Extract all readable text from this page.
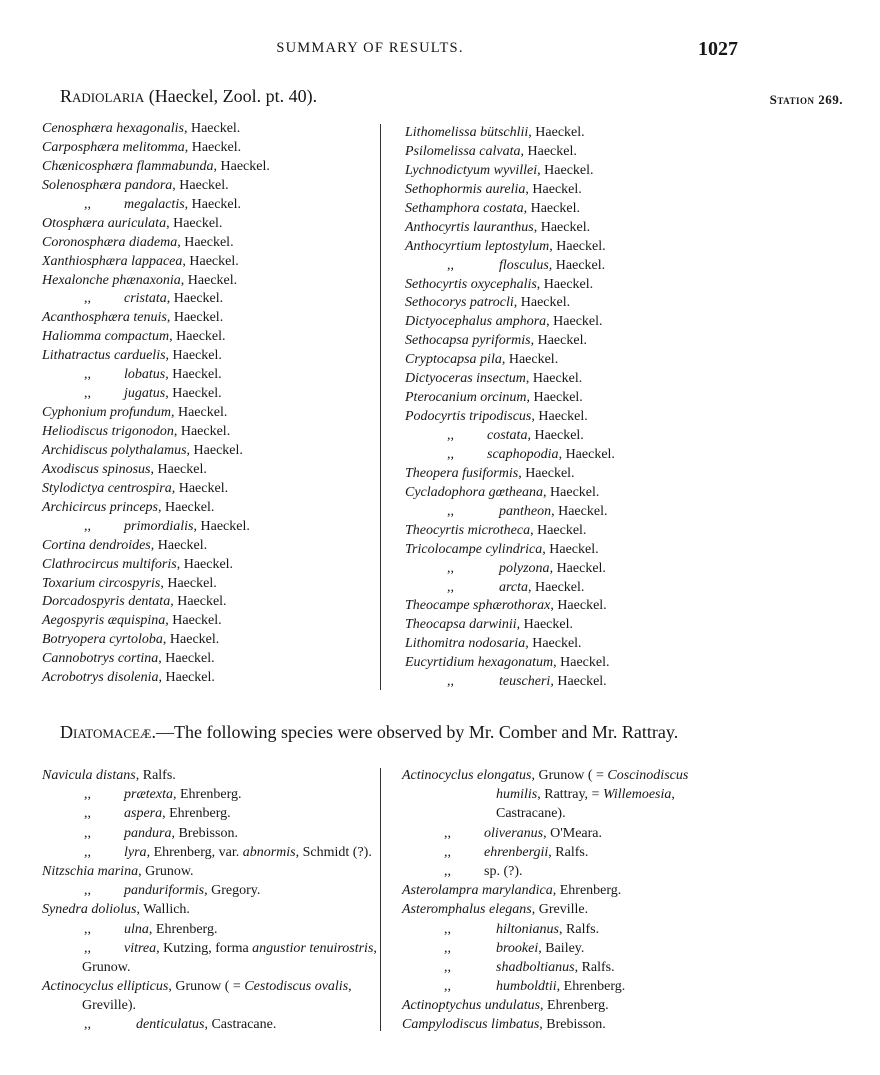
SUMMARY OF RESULTS.	1027
Radiolaria (Haeckel, Zool. pt. 40).	Station 269.
Cenosphæra hexagonalis, Haeckel.
Carposphæra melitomma, Haeckel.
Chænicosphæra flammabunda, Haeckel.
Solenosphæra pandora, Haeckel.
,, megalactis, Haeckel.
Otosphæra auriculata, Haeckel.
Coronosphæra diadema, Haeckel.
Xanthiosphæra lappacea, Haeckel.
Hexalonche phænaxonia, Haeckel.
,, cristata, Haeckel.
Acanthosphæra tenuis, Haeckel.
Haliomma compactum, Haeckel.
Lithatractus carduelis, Haeckel.
,, lobatus, Haeckel.
,, jugatus, Haeckel.
Cyphonium profundum, Haeckel.
Heliodiscus trigonodon, Haeckel.
Archidiscus polythalamus, Haeckel.
Axodiscus spinosus, Haeckel.
Stylodictya centrospira, Haeckel.
Archicircus princeps, Haeckel.
,, primordialis, Haeckel.
Cortina dendroides, Haeckel.
Clathrocircus multiforis, Haeckel.
Toxarium circospyris, Haeckel.
Dorcadospyris dentata, Haeckel.
Aegospyris æquispina, Haeckel.
Botryopera cyrtoloba, Haeckel.
Cannobotrys cortina, Haeckel.
Acrobotrys disolenia, Haeckel.
Lithomelissa bütschlii, Haeckel.
Psilomelissa calvata, Haeckel.
Lychnodictyum wyvillei, Haeckel.
Sethophormis aurelia, Haeckel.
Sethamphora costata, Haeckel.
Anthocyrtis lauranthus, Haeckel.
Anthocyrtium leptostylum, Haeckel.
,,	flosculus, Haeckel.
Sethocyrtis oxycephalis, Haeckel.
Sethocorys patrocli, Haeckel.
Dictyocephalus amphora, Haeckel.
Sethocapsa pyriformis, Haeckel.
Cryptocapsa pila, Haeckel.
Dictyoceras insectum, Haeckel.
Pterocanium orcinum, Haeckel.
Podocyrtis tripodiscus, Haeckel.
,, costata, Haeckel.
,, scaphopodia, Haeckel.
Theopera fusiformis, Haeckel.
Cycladophora gœtheana, Haeckel.
,,	pantheon, Haeckel.
Theocyrtis microtheca, Haeckel.
Tricolocampe cylindrica, Haeckel.
,,	polyzona, Haeckel.
,,	arcta, Haeckel.
Theocampe sphærothorax, Haeckel.
Theocapsa darwinii, Haeckel.
Lithomitra nodosaria, Haeckel.
Eucyrtidium hexagonatum, Haeckel.
,,	teuscheri, Haeckel.
Diatomaceæ.—The following species were observed by Mr. Comber and Mr. Rattray.
Navicula distans, Ralfs.
,, prætexta, Ehrenberg.
,, aspera, Ehrenberg.
,, pandura, Brebisson.
,, lyra, Ehrenberg, var. abnormis, Schmidt (?).
Nitzschia marina, Grunow.
,, panduriformis, Gregory.
Synedra doliolus, Wallich.
,, ulna, Ehrenberg.
,, vitrea, Kutzing, forma angustior tenuirostris,
Grunow.
Actinocyclus ellipticus, Grunow ( = Cestodiscus ovalis,
Greville).
,,	denticulatus, Castracane.
Actinocyclus elongatus, Grunow ( = Coscinodiscus
humilis, Rattray, = Willemoesia,
Castracane).
,, oliveranus, O'Meara.
,, ehrenbergii, Ralfs.
,, sp. (?).
Asterolampra marylandica, Ehrenberg.
Asteromphalus elegans, Greville.
,,	hiltonianus, Ralfs.
,,	brookei, Bailey.
,,	shadboltianus, Ralfs.
,,	humboldtii, Ehrenberg.
Actinoptychus undulatus, Ehrenberg.
Campylodiscus limbatus, Brebisson.
